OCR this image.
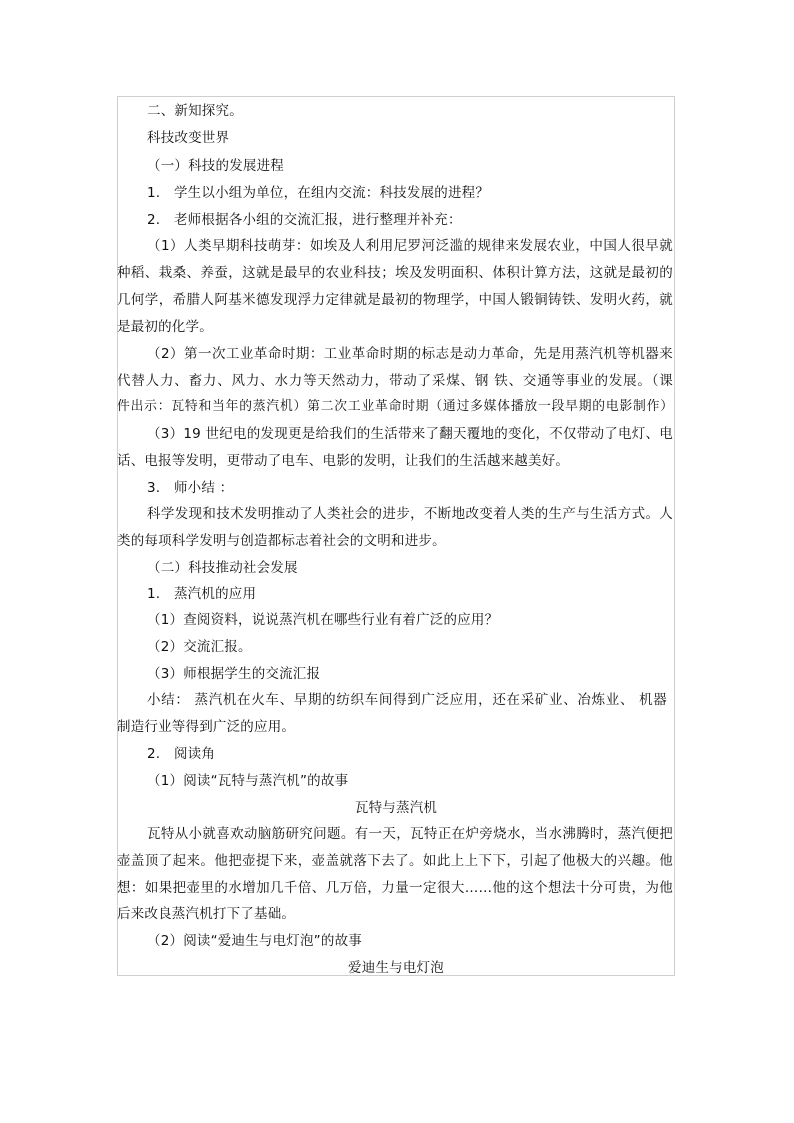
二、新知探究。
科技改变世界
（一）科技的发展进程
1.　学生以小组为单位，在组内交流：科技发展的进程？
2.　老师根据各小组的交流汇报，进行整理并补充：
（1）人类早期科技萌芽：如埃及人利用尼罗河泛滥的规律来发展农业，中国人很早就
种稻、栽桑、养蚕，这就是最早的农业科技；埃及发明面积、体积计算方法，这就是最初的
几何学，希腊人阿基米德发现浮力定律就是最初的物理学，中国人锻铜铸铁、发明火药，就
是最初的化学。
（2）第一次工业革命时期：工业革命时期的标志是动力革命，先是用蒸汽机等机器来
代替人力、畜力、风力、水力等天然动力，带动了采煤、钢 铁、交通等事业的发展。（课
件出示：瓦特和当年的蒸汽机）第二次工业革命时期（通过多媒体播放一段早期的电影制作）
（3）19 世纪电的发现更是给我们的生活带来了翻天覆地的变化，不仅带动了电灯、电
话、电报等发明，更带动了电车、电影的发明，让我们的生活越来越美好。
3.　师小结 ：
科学发现和技术发明推动了人类社会的进步，不断地改变着人类的生产与生活方式。人
类的每项科学发明与创造都标志着社会的文明和进步。
（二）科技推动社会发展
1.　蒸汽机的应用
（1）查阅资料，说说蒸汽机在哪些行业有着广泛的应用？
（2）交流汇报。
（3）师根据学生的交流汇报
小结： 蒸汽机在火车、早期的纺织车间得到广泛应用，还在采矿业、冶炼业、 机器
制造行业等得到广泛的应用。
2.　阅读角
（1）阅读“瓦特与蒸汽机”的故事
瓦特与蒸汽机
瓦特从小就喜欢动脑筋研究问题。有一天，瓦特正在炉旁烧水，当水沸腾时，蒸汽便把
壶盖顶了起来。他把壶提下来，壶盖就落下去了。如此上上下下，引起了他极大的兴趣。他
想：如果把壶里的水增加几千倍、几万倍，力量一定很大……他的这个想法十分可贵，为他
后来改良蒸汽机打下了基础。
（2）阅读“爱迪生与电灯泡”的故事
爱迪生与电灯泡
